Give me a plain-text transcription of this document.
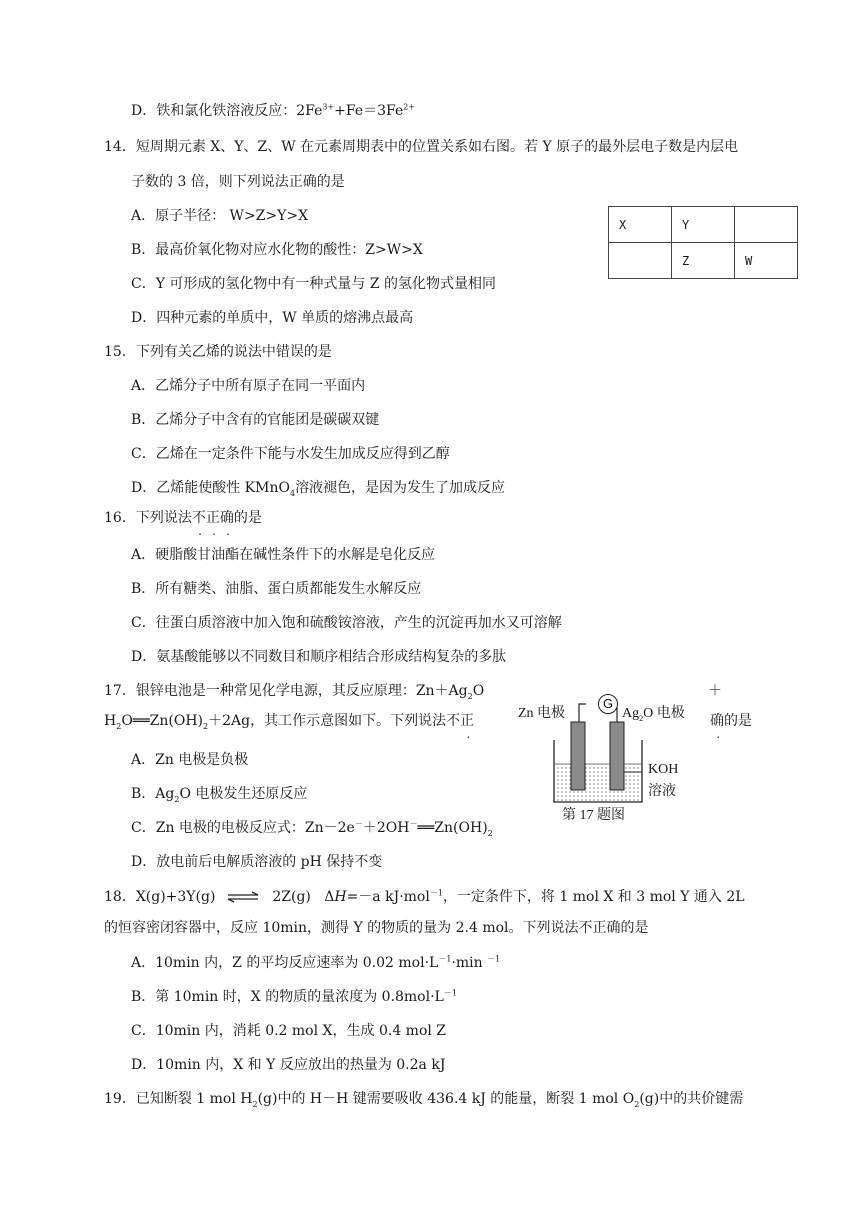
D．铁和氯化铁溶液反应：$2Fe^{3+}+Fe=3Fe^{2+}$
14．短周期元素 X、Y、Z、W 在元素周期表中的位置关系如右图。若 Y 原子的最外层电子数是内层电
子数的 3 倍，则下列说法正确的是
A．原子半径： W>Z>Y>X
B．最高价氧化物对应水化物的酸性：Z>W>X
C．Y 可形成的氢化物中有一种式量与 Z 的氢化物式量相同
D．四种元素的单质中，W 单质的熔沸点最高
X	Y	
	Z	W
15．下列有关乙烯的说法中错误的是
A．乙烯分子中所有原子在同一平面内
B．乙烯分子中含有的官能团是碳碳双键
C．乙烯在一定条件下能与水发生加成反应得到乙醇
D．乙烯能使酸性 KMnO$_4$溶液褪色，是因为发生了加成反应
16．下列说法不正确的是
A．硬脂酸甘油酯在碱性条件下的水解是皂化反应
B．所有糖类、油脂、蛋白质都能发生水解反应
C．往蛋白质溶液中加入饱和硫酸铵溶液，产生的沉淀再加水又可溶解
D．氨基酸能够以不同数目和顺序相结合形成结构复杂的多肽
17．银锌电池是一种常见化学电源，其反应原理：$Zn+Ag_2O$	＋
$H_2O══Zn(OH)_2+2Ag$，其工作示意图如下。下列说法不正	确的是
A．Zn 电极是负极
B．$Ag_2O$ 电极发生还原反应
C．Zn 电极的电极反应式：$Zn-2e^-+2OH^-══Zn(OH)_2$
D．放电前后电解质溶液的 pH 保持不变
G
Zn 电极	$Ag_2O$ 电极
KOH
溶液
第 17 题图
18．X(g)+3Y(g) ⇌ 2Z(g) ΔH=－a kJ·mol$^{-1}$，一定条件下，将 1 mol X 和 3 mol Y 通入 2L
的恒容密闭容器中，反应 10min，测得 Y 的物质的量为 2.4 mol。下列说法不正确的是
A．10min 内，Z 的平均反应速率为 0.02 $mol\cdot L^{-1}\cdot\min$ $^{-1}$
B．第 10min 时，X 的物质的量浓度为 $0.8mol\cdot L^{-1}$
C．10min 内，消耗 0.2 mol X，生成 0.4 mol Z
D．10min 内，X 和 Y 反应放出的热量为 0.2a kJ
19．已知断裂 1 mol $H_2(g)$中的 H－H 键需要吸收 436.4 kJ 的能量，断裂 1 mol $O_2(g)$中的共价键需
